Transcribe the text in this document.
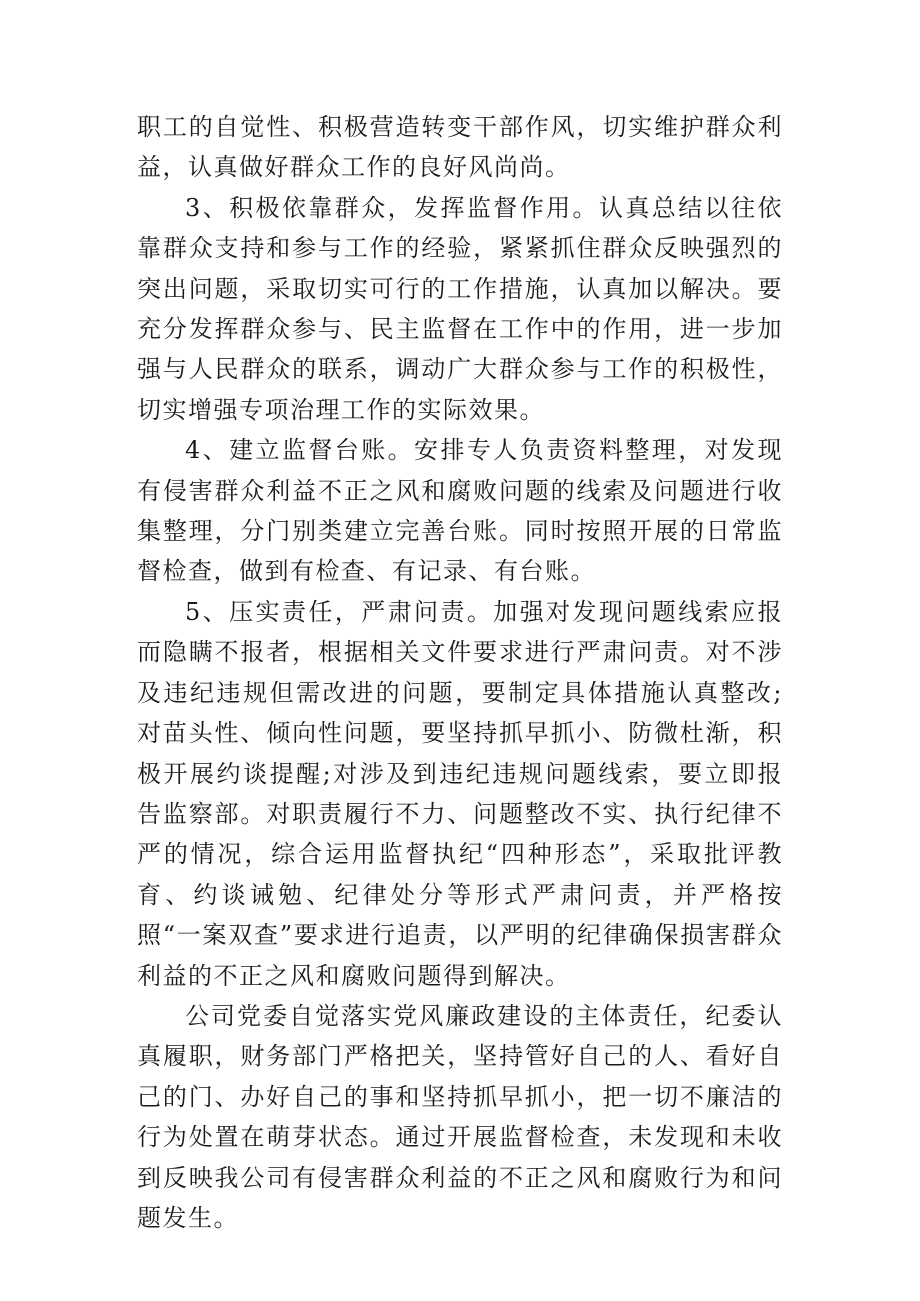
职工的自觉性、积极营造转变干部作风，切实维护群众利益，认真做好群众工作的良好风尚尚。

3、积极依靠群众，发挥监督作用。认真总结以往依靠群众支持和参与工作的经验，紧紧抓住群众反映强烈的突出问题，采取切实可行的工作措施，认真加以解决。要充分发挥群众参与、民主监督在工作中的作用，进一步加强与人民群众的联系，调动广大群众参与工作的积极性，切实增强专项治理工作的实际效果。

4、建立监督台账。安排专人负责资料整理，对发现有侵害群众利益不正之风和腐败问题的线索及问题进行收集整理，分门别类建立完善台账。同时按照开展的日常监督检查，做到有检查、有记录、有台账。

5、压实责任，严肃问责。加强对发现问题线索应报而隐瞒不报者，根据相关文件要求进行严肃问责。对不涉及违纪违规但需改进的问题，要制定具体措施认真整改;对苗头性、倾向性问题，要坚持抓早抓小、防微杜渐，积极开展约谈提醒;对涉及到违纪违规问题线索，要立即报告监察部。对职责履行不力、问题整改不实、执行纪律不严的情况，综合运用监督执纪“四种形态”，采取批评教育、约谈诫勉、纪律处分等形式严肃问责，并严格按照“一案双查”要求进行追责，以严明的纪律确保损害群众利益的不正之风和腐败问题得到解决。

公司党委自觉落实党风廉政建设的主体责任，纪委认真履职，财务部门严格把关，坚持管好自己的人、看好自己的门、办好自己的事和坚持抓早抓小，把一切不廉洁的行为处置在萌芽状态。通过开展监督检查，未发现和未收到反映我公司有侵害群众利益的不正之风和腐败行为和问题发生。
